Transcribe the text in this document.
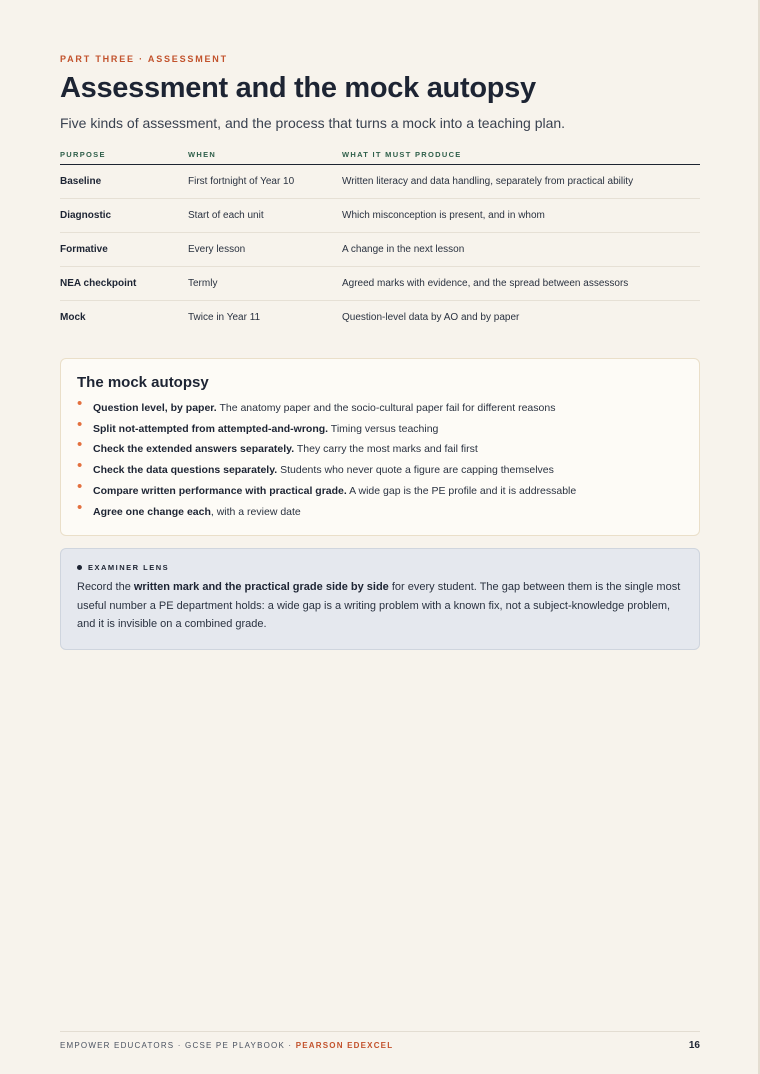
PART THREE · ASSESSMENT
Assessment and the mock autopsy

Five kinds of assessment, and the process that turns a mock into a teaching plan.

PURPOSE	WHEN	WHAT IT MUST PRODUCE
Baseline	First fortnight of Year 10	Written literacy and data handling, separately from practical ability
Diagnostic	Start of each unit	Which misconception is present, and in whom
Formative	Every lesson	A change in the next lesson
NEA checkpoint	Termly	Agreed marks with evidence, and the spread between assessors
Mock	Twice in Year 11	Question-level data by AO and by paper
The mock autopsy
• Question level, by paper. The anatomy paper and the socio-cultural paper fail for different reasons
• Split not-attempted from attempted-and-wrong. Timing versus teaching
• Check the extended answers separately. They carry the most marks and fail first
• Check the data questions separately. Students who never quote a figure are capping themselves
• Compare written performance with practical grade. A wide gap is the PE profile and it is addressable
• Agree one change each, with a review date
EXAMINER LENS

Record the written mark and the practical grade side by side for every student. The gap between them is the single most useful number a PE department holds: a wide gap is a writing problem with a known fix, not a subject-knowledge problem, and it is invisible on a combined grade.

EMPOWER EDUCATORS · GCSE PE PLAYBOOK · PEARSON EDEXCEL	16
